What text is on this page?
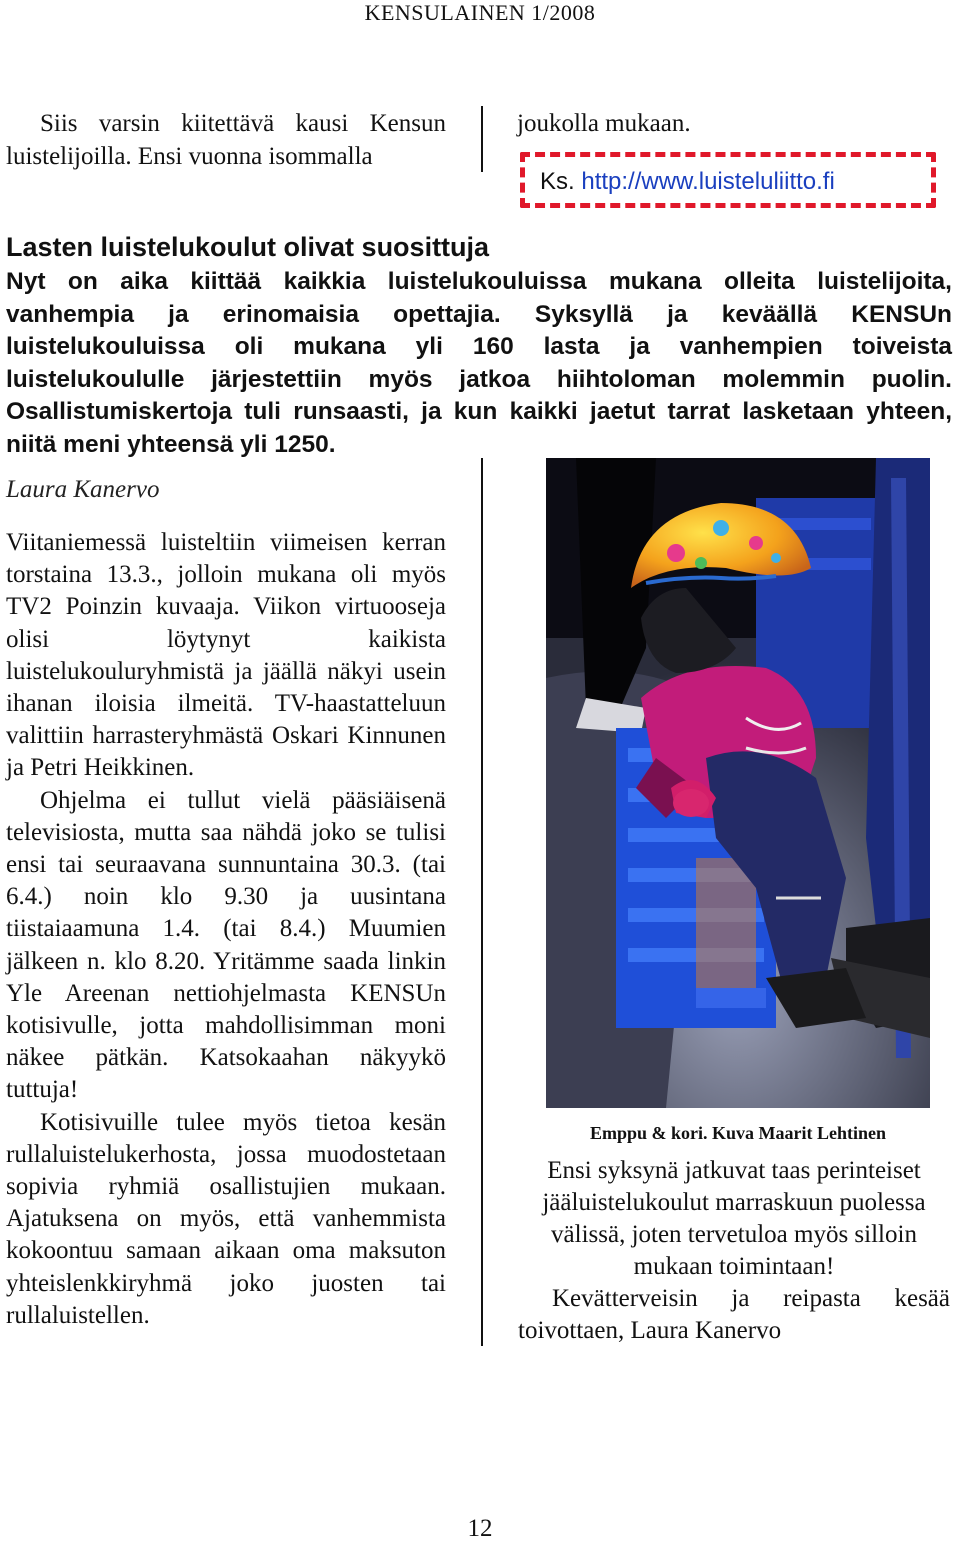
KENSULAINEN 1/2008
Siis varsin kiitettävä kausi Kensun luistelijoilla. Ensi vuonna isommalla
joukolla mukaan.
Ks. http://www.luisteluliitto.fi
Lasten luistelukoulut olivat suosittuja
Nyt on aika kiittää kaikkia luistelukouluissa mukana olleita luistelijoita, vanhempia ja erinomaisia opettajia. Syksyllä ja keväällä KENSUn luistelukouluissa oli mukana yli 160 lasta ja vanhempien toiveista luistelukoululle järjestettiin myös jatkoa hiihtoloman molemmin puolin. Osallistumiskertoja tuli runsaasti, ja kun kaikki jaetut tarrat lasketaan yhteen, niitä meni yhteensä yli 1250.
Laura Kanervo

Viitaniemessä luisteltiin viimeisen kerran torstaina 13.3., jolloin mukana oli myös TV2 Poinzin kuvaaja. Viikon virtuooseja olisi löytynyt kaikista luistelukouluryhmistä ja jäällä näkyi usein ihanan iloisia ilmeitä. TV-haastatteluun valittiin harrasteryhmästä Oskari Kinnunen ja Petri Heikkinen.

Ohjelma ei tullut vielä pääsiäisenä televisiosta, mutta saa nähdä joko se tulisi ensi tai seuraavana sunnuntaina 30.3. (tai 6.4.) noin klo 9.30 ja uusintana tiistaiaamuna 1.4. (tai 8.4.) Muumien jälkeen n. klo 8.20. Yritämme saada linkin Yle Areenan nettiohjelmasta KENSUn kotisivulle, jotta mahdollisimman moni näkee pätkän. Katsokaahan näkyykö tuttuja!

Kotisivuille tulee myös tietoa kesän rullaluistelukerhosta, jossa muodostetaan sopivia ryhmiä osallistujien mukaan. Ajatuksena on myös, että vanhemmista kokoontuu samaan aikaan oma maksuton yhteislenkkiryhmä joko juosten tai rullaluistellen.

Emppu & kori. Kuva Maarit Lehtinen

Ensi syksynä jatkuvat taas perinteiset jääluistelukoulut marraskuun puolessa välissä, joten tervetuloa myös silloin mukaan toimintaan!

Kevätterveisin ja reipasta kesää toivottaen, Laura Kanervo

12
